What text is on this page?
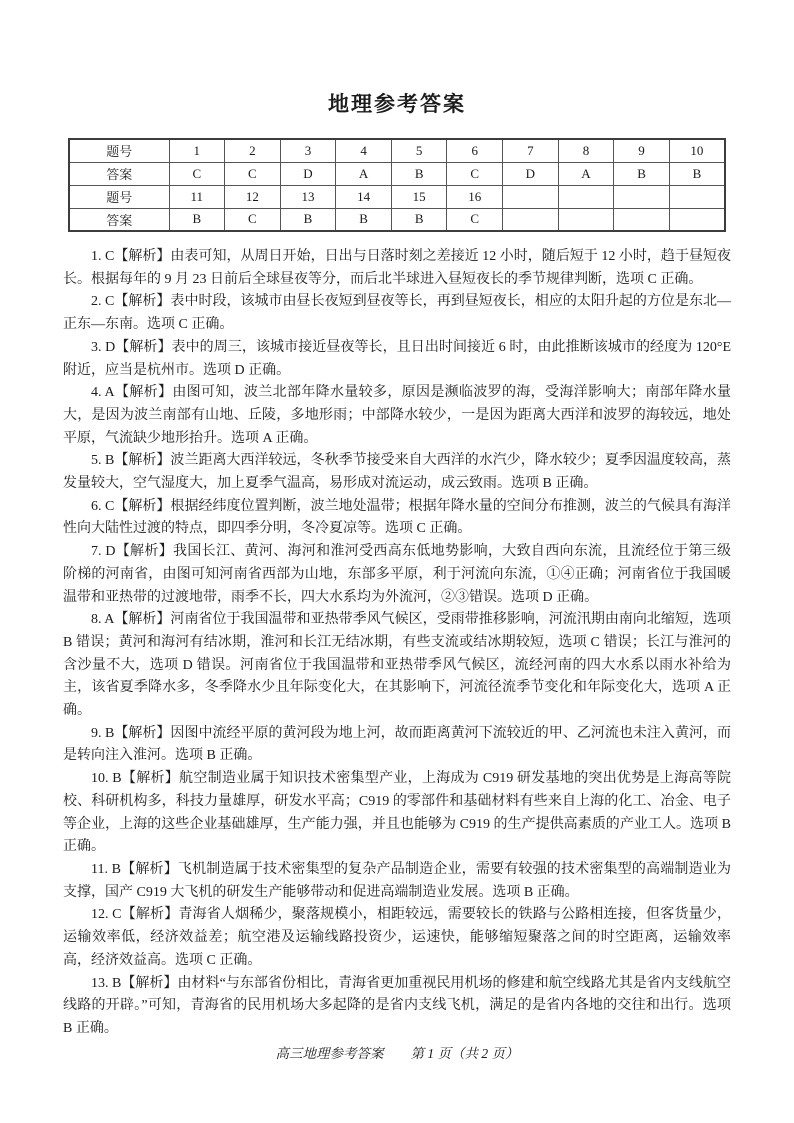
地理参考答案
题号	1	2	3	4	5	6	7	8	9	10
答案	C	C	D	A	B	C	D	A	B	B
题号	11	12	13	14	15	16				
答案	B	C	B	B	B	C				

1. C【解析】由表可知，从周日开始，日出与日落时刻之差接近 12 小时，随后短于 12 小时，趋于昼短夜长。根据每年的 9 月 23 日前后全球昼夜等分，而后北半球进入昼短夜长的季节规律判断，选项 C 正确。

2. C【解析】表中时段，该城市由昼长夜短到昼夜等长，再到昼短夜长，相应的太阳升起的方位是东北—正东—东南。选项 C 正确。

3. D【解析】表中的周三，该城市接近昼夜等长，且日出时间接近 6 时，由此推断该城市的经度为 120°E 附近，应当是杭州市。选项 D 正确。

4. A【解析】由图可知，波兰北部年降水量较多，原因是濒临波罗的海，受海洋影响大；南部年降水量大，是因为波兰南部有山地、丘陵，多地形雨；中部降水较少，一是因为距离大西洋和波罗的海较远，地处平原，气流缺少地形抬升。选项 A 正确。

5. B【解析】波兰距离大西洋较远，冬秋季节接受来自大西洋的水汽少，降水较少；夏季因温度较高，蒸发量较大，空气湿度大，加上夏季气温高，易形成对流运动，成云致雨。选项 B 正确。

6. C【解析】根据经纬度位置判断，波兰地处温带；根据年降水量的空间分布推测，波兰的气候具有海洋性向大陆性过渡的特点，即四季分明，冬冷夏凉等。选项 C 正确。

7. D【解析】我国长江、黄河、海河和淮河受西高东低地势影响，大致自西向东流，且流经位于第三级阶梯的河南省，由图可知河南省西部为山地，东部多平原，利于河流向东流，①④正确；河南省位于我国暖温带和亚热带的过渡地带，雨季不长，四大水系均为外流河，②③错误。选项 D 正确。

8. A【解析】河南省位于我国温带和亚热带季风气候区，受雨带推移影响，河流汛期由南向北缩短，选项 B 错误；黄河和海河有结冰期，淮河和长江无结冰期，有些支流或结冰期较短，选项 C 错误；长江与淮河的含沙量不大，选项 D 错误。河南省位于我国温带和亚热带季风气候区，流经河南的四大水系以雨水补给为主，该省夏季降水多，冬季降水少且年际变化大，在其影响下，河流径流季节变化和年际变化大，选项 A 正确。

9. B【解析】因图中流经平原的黄河段为地上河，故而距离黄河下流较近的甲、乙河流也未注入黄河，而是转向注入淮河。选项 B 正确。

10. B【解析】航空制造业属于知识技术密集型产业，上海成为 C919 研发基地的突出优势是上海高等院校、科研机构多，科技力量雄厚，研发水平高；C919 的零部件和基础材料有些来自上海的化工、冶金、电子等企业，上海的这些企业基础雄厚，生产能力强，并且也能够为 C919 的生产提供高素质的产业工人。选项 B 正确。

11. B【解析】飞机制造属于技术密集型的复杂产品制造企业，需要有较强的技术密集型的高端制造业为支撑，国产 C919 大飞机的研发生产能够带动和促进高端制造业发展。选项 B 正确。

12. C【解析】青海省人烟稀少，聚落规模小，相距较远，需要较长的铁路与公路相连接，但客货量少，运输效率低，经济效益差；航空港及运输线路投资少，运速快，能够缩短聚落之间的时空距离，运输效率高，经济效益高。选项 C 正确。

13. B【解析】由材料“与东部省份相比，青海省更加重视民用机场的修建和航空线路尤其是省内支线航空线路的开辟。”可知，青海省的民用机场大多起降的是省内支线飞机，满足的是省内各地的交往和出行。选项 B 正确。

高三地理参考答案 第 1 页（共 2 页）
